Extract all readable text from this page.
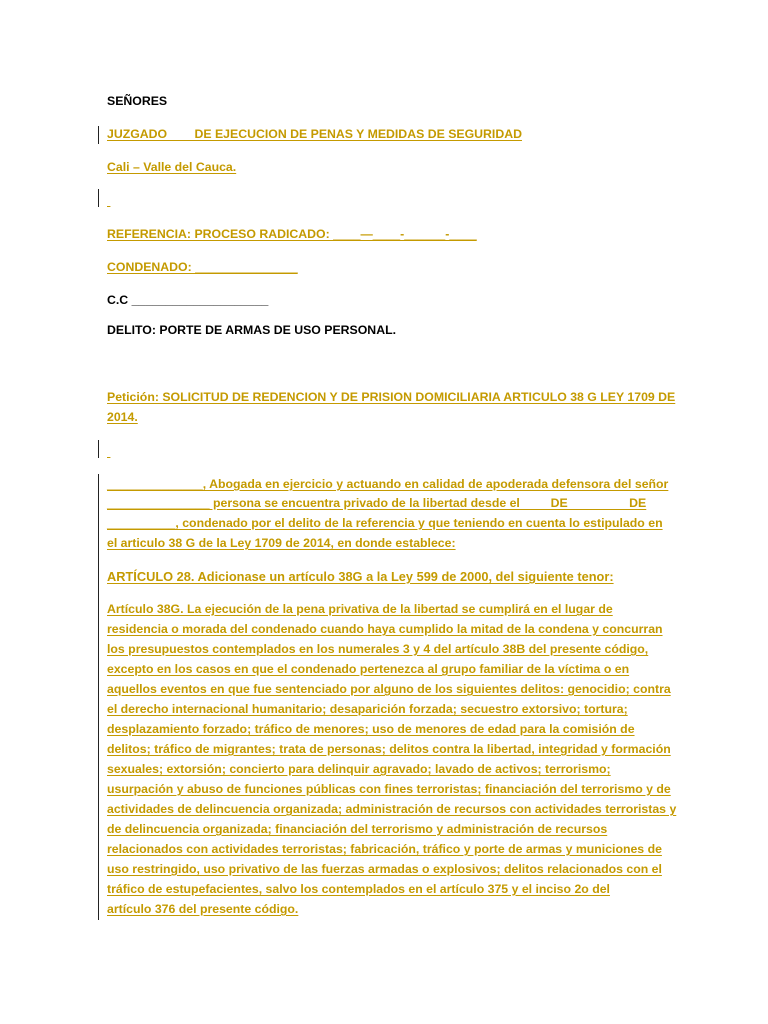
SEÑORES
JUZGADO        DE EJECUCION DE PENAS Y MEDIDAS DE SEGURIDAD
Cali – Valle del Cauca.

REFERENCIA: PROCESO RADICADO: ____—____-______-____
CONDENADO: _______________
C.C ____________________
DELITO: PORTE DE ARMAS DE USO PERSONAL.
Petición: SOLICITUD DE REDENCION Y DE PRISION DOMICILIARIA ARTICULO 38 G LEY 1709 DE
2014.

______________, Abogada en ejercicio y actuando en calidad de apoderada defensora del señor
_______________ persona se encuentra privado de la libertad desde el         DE                  DE
__________, condenado por el delito de la referencia y que teniendo en cuenta lo estipulado en
el articulo 38 G de la Ley 1709 de 2014, en donde establece:
ARTÍCULO 28. Adicionase un artículo 38G a la Ley 599 de 2000, del siguiente tenor:
Artículo 38G. La ejecución de la pena privativa de la libertad se cumplirá en el lugar de
residencia o morada del condenado cuando haya cumplido la mitad de la condena y concurran
los presupuestos contemplados en los numerales 3 y 4 del artículo 38B del presente código,
excepto en los casos en que el condenado pertenezca al grupo familiar de la víctima o en
aquellos eventos en que fue sentenciado por alguno de los siguientes delitos: genocidio; contra
el derecho internacional humanitario; desaparición forzada; secuestro extorsivo; tortura;
desplazamiento forzado; tráfico de menores; uso de menores de edad para la comisión de
delitos; tráfico de migrantes; trata de personas; delitos contra la libertad, integridad y formación
sexuales; extorsión; concierto para delinquir agravado; lavado de activos; terrorismo;
usurpación y abuso de funciones públicas con fines terroristas; financiación del terrorismo y de
actividades de delincuencia organizada; administración de recursos con actividades terroristas y
de delincuencia organizada; financiación del terrorismo y administración de recursos
relacionados con actividades terroristas; fabricación, tráfico y porte de armas y municiones de
uso restringido, uso privativo de las fuerzas armadas o explosivos; delitos relacionados con el
tráfico de estupefacientes, salvo los contemplados en el artículo 375 y el inciso 2o del
artículo 376 del presente código.
